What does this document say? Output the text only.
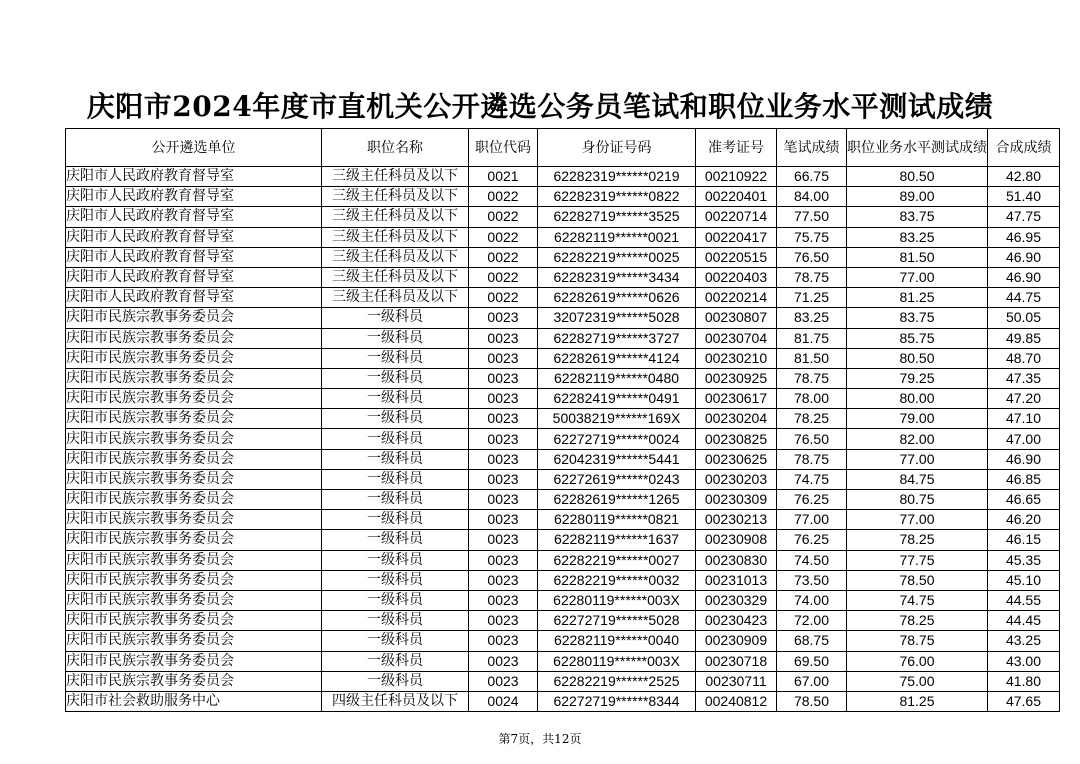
庆阳市2024年度市直机关公开遴选公务员笔试和职位业务水平测试成绩
公开遴选单位	职位名称	职位代码	身份证号码	准考证号	笔试成绩	职位业务水平测试成绩	合成成绩
庆阳市人民政府教育督导室	三级主任科员及以下	0021	62282319******0219	00210922	66.75	80.50	42.80
庆阳市人民政府教育督导室	三级主任科员及以下	0022	62282319******0822	00220401	84.00	89.00	51.40
庆阳市人民政府教育督导室	三级主任科员及以下	0022	62282719******3525	00220714	77.50	83.75	47.75
庆阳市人民政府教育督导室	三级主任科员及以下	0022	62282119******0021	00220417	75.75	83.25	46.95
庆阳市人民政府教育督导室	三级主任科员及以下	0022	62282219******0025	00220515	76.50	81.50	46.90
庆阳市人民政府教育督导室	三级主任科员及以下	0022	62282319******3434	00220403	78.75	77.00	46.90
庆阳市人民政府教育督导室	三级主任科员及以下	0022	62282619******0626	00220214	71.25	81.25	44.75
庆阳市民族宗教事务委员会	一级科员	0023	32072319******5028	00230807	83.25	83.75	50.05
庆阳市民族宗教事务委员会	一级科员	0023	62282719******3727	00230704	81.75	85.75	49.85
庆阳市民族宗教事务委员会	一级科员	0023	62282619******4124	00230210	81.50	80.50	48.70
庆阳市民族宗教事务委员会	一级科员	0023	62282119******0480	00230925	78.75	79.25	47.35
庆阳市民族宗教事务委员会	一级科员	0023	62282419******0491	00230617	78.00	80.00	47.20
庆阳市民族宗教事务委员会	一级科员	0023	50038219******169X	00230204	78.25	79.00	47.10
庆阳市民族宗教事务委员会	一级科员	0023	62272719******0024	00230825	76.50	82.00	47.00
庆阳市民族宗教事务委员会	一级科员	0023	62042319******5441	00230625	78.75	77.00	46.90
庆阳市民族宗教事务委员会	一级科员	0023	62272619******0243	00230203	74.75	84.75	46.85
庆阳市民族宗教事务委员会	一级科员	0023	62282619******1265	00230309	76.25	80.75	46.65
庆阳市民族宗教事务委员会	一级科员	0023	62280119******0821	00230213	77.00	77.00	46.20
庆阳市民族宗教事务委员会	一级科员	0023	62282119******1637	00230908	76.25	78.25	46.15
庆阳市民族宗教事务委员会	一级科员	0023	62282219******0027	00230830	74.50	77.75	45.35
庆阳市民族宗教事务委员会	一级科员	0023	62282219******0032	00231013	73.50	78.50	45.10
庆阳市民族宗教事务委员会	一级科员	0023	62280119******003X	00230329	74.00	74.75	44.55
庆阳市民族宗教事务委员会	一级科员	0023	62272719******5028	00230423	72.00	78.25	44.45
庆阳市民族宗教事务委员会	一级科员	0023	62282119******0040	00230909	68.75	78.75	43.25
庆阳市民族宗教事务委员会	一级科员	0023	62280119******003X	00230718	69.50	76.00	43.00
庆阳市民族宗教事务委员会	一级科员	0023	62282219******2525	00230711	67.00	75.00	41.80
庆阳市社会救助服务中心	四级主任科员及以下	0024	62272719******8344	00240812	78.50	81.25	47.65
第7页，共12页
